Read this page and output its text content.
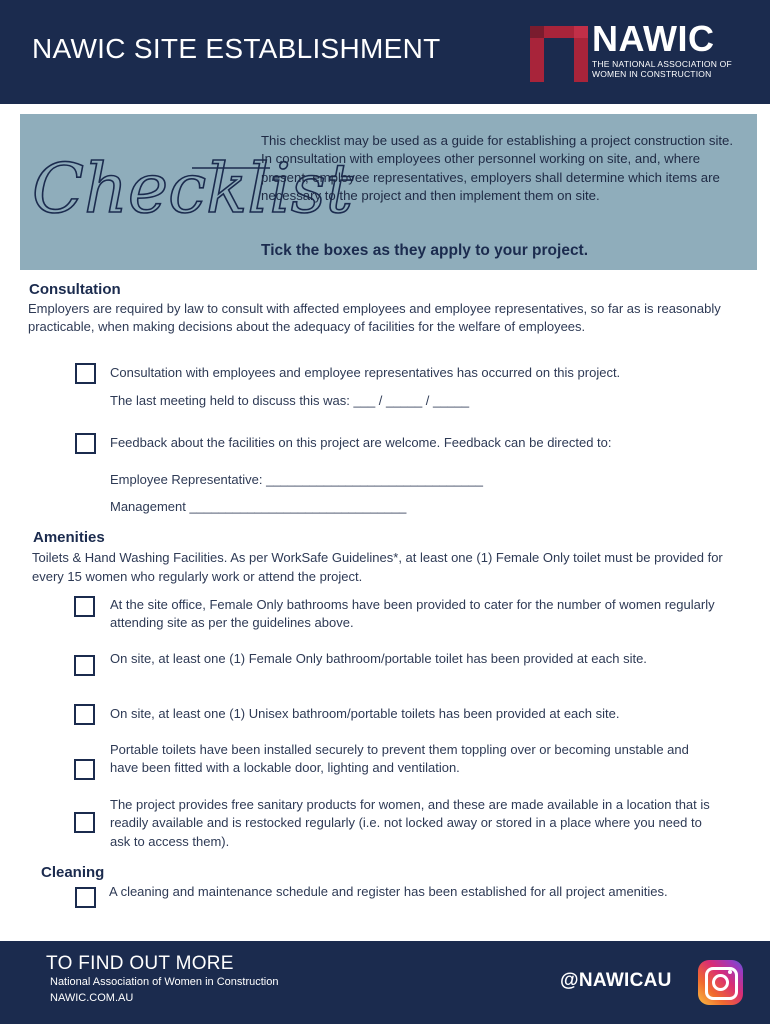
NAWIC SITE ESTABLISHMENT	NAWIC
THE NATIONAL ASSOCIATION OF
WOMEN IN CONSTRUCTION
Checklist
This checklist may be used as a guide for establishing a project construction site. In consultation with employees other personnel working on site, and, where present, employee representatives, employers shall determine which items are necessary to the project and then implement them on site.
Tick the boxes as they apply to your project.
Consultation
Employers are required by law to consult with affected employees and employee representatives, so far as is reasonably practicable, when making decisions about the adequacy of facilities for the welfare of employees.
Consultation with employees and employee representatives has occurred on this project.
The last meeting held to discuss this was: ___ / _____ / _____
Feedback about the facilities on this project are welcome. Feedback can be directed to:
Employee Representative: ______________________________
Management ______________________________
Amenities
Toilets & Hand Washing Facilities. As per WorkSafe Guidelines*, at least one (1) Female Only toilet must be provided for every 15 women who regularly work or attend the project.
At the site office, Female Only bathrooms have been provided to cater for the number of women regularly attending site as per the guidelines above.
On site, at least one (1) Female Only bathroom/portable toilet has been provided at each site.
On site, at least one (1) Unisex bathroom/portable toilets has been provided at each site.
Portable toilets have been installed securely to prevent them toppling over or becoming unstable and have been fitted with a lockable door, lighting and ventilation.
The project provides free sanitary products for women, and these are made available in a location that is readily available and is restocked regularly (i.e. not locked away or stored in a place where you need to ask to access them).
Cleaning
A cleaning and maintenance schedule and register has been established for all project amenities.
TO FIND OUT MORE
National Association of Women in Construction
NAWIC.COM.AU
@NAWICAU
